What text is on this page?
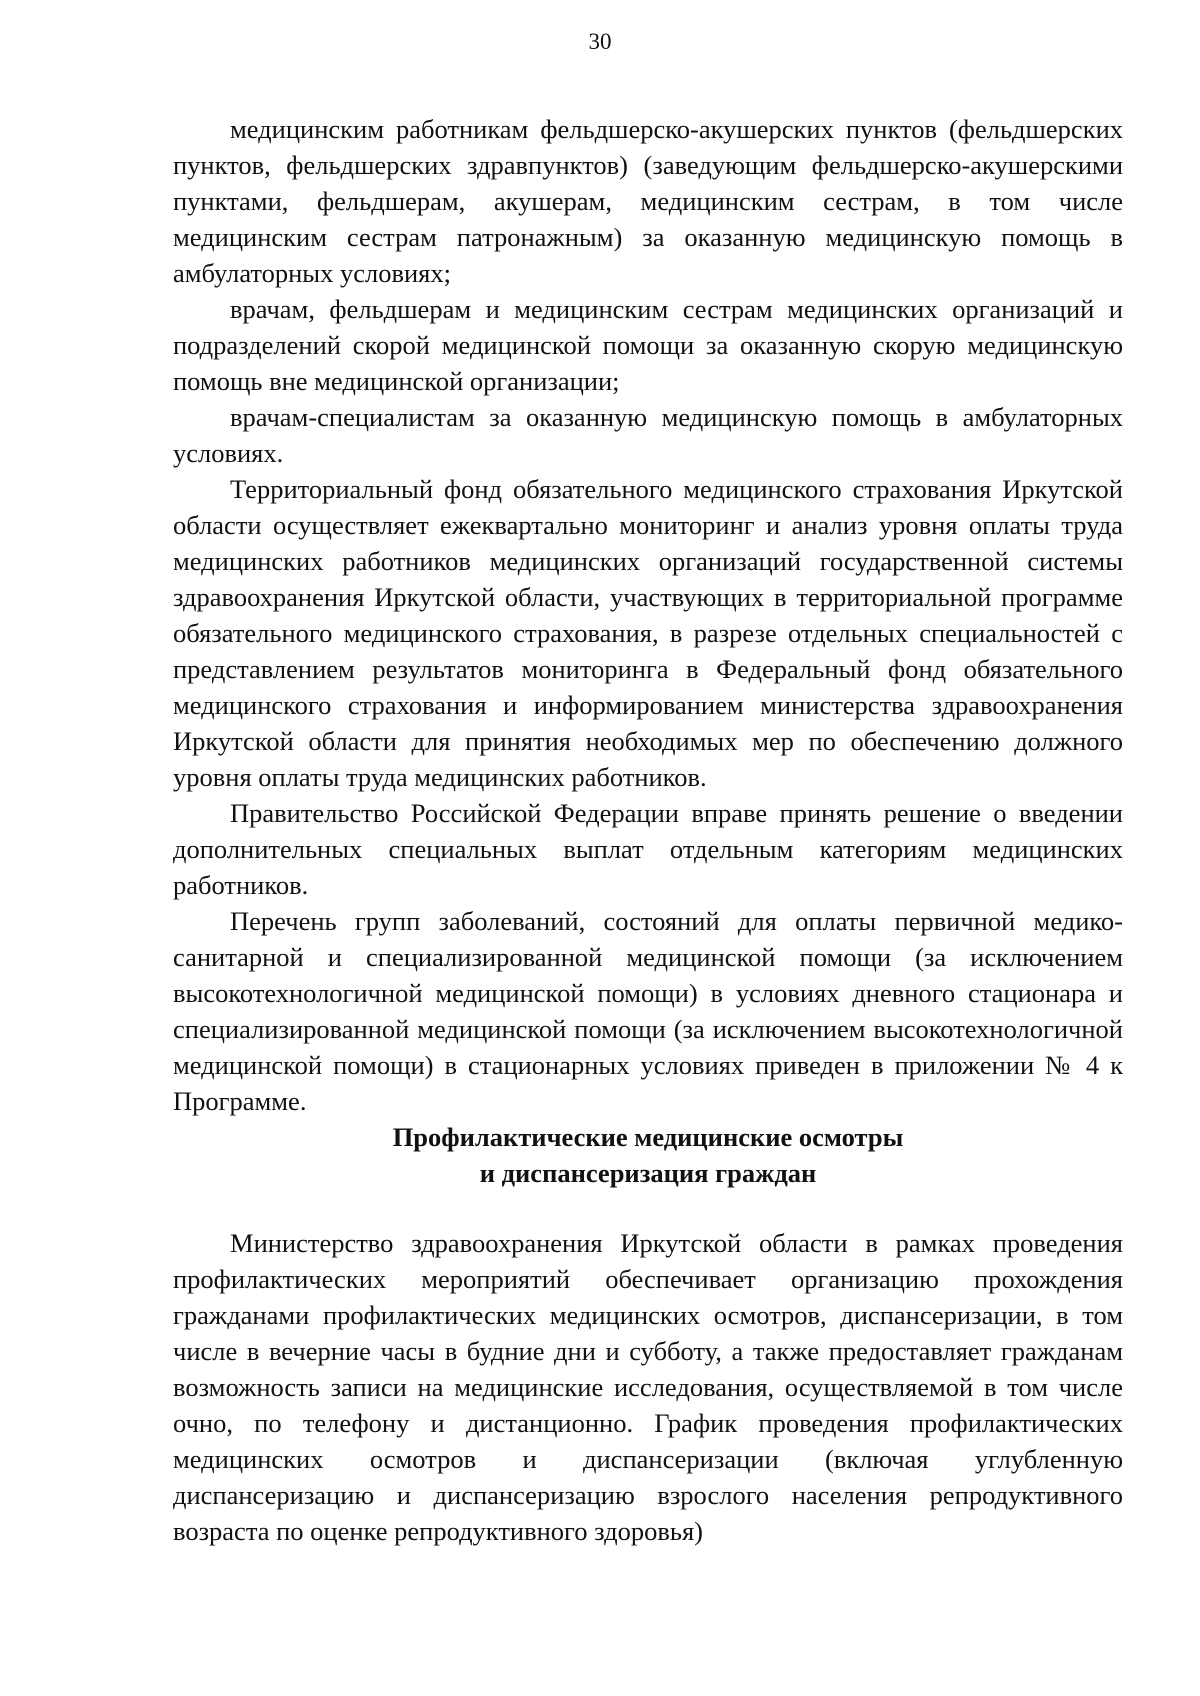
30

медицинским работникам фельдшерско-акушерских пунктов (фельдшерских пунктов, фельдшерских здравпунктов) (заведующим фельдшерско-акушерскими пунктами, фельдшерам, акушерам, медицинским сестрам, в том числе медицинским сестрам патронажным) за оказанную медицинскую помощь в амбулаторных условиях;

врачам, фельдшерам и медицинским сестрам медицинских организаций и подразделений скорой медицинской помощи за оказанную скорую медицинскую помощь вне медицинской организации;

врачам-специалистам за оказанную медицинскую помощь в амбулаторных условиях.

Территориальный фонд обязательного медицинского страхования Иркутской области осуществляет ежеквартально мониторинг и анализ уровня оплаты труда медицинских работников медицинских организаций государственной системы здравоохранения Иркутской области, участвующих в территориальной программе обязательного медицинского страхования, в разрезе отдельных специальностей с представлением результатов мониторинга в Федеральный фонд обязательного медицинского страхования и информированием министерства здравоохранения Иркутской области для принятия необходимых мер по обеспечению должного уровня оплаты труда медицинских работников.

Правительство Российской Федерации вправе принять решение о введении дополнительных специальных выплат отдельным категориям медицинских работников.

Перечень групп заболеваний, состояний для оплаты первичной медико-санитарной и специализированной медицинской помощи (за исключением высокотехнологичной медицинской помощи) в условиях дневного стационара и специализированной медицинской помощи (за исключением высокотехнологичной медицинской помощи) в стационарных условиях приведен в приложении № 4 к Программе.

Профилактические медицинские осмотры

и диспансеризация граждан

Министерство здравоохранения Иркутской области в рамках проведения профилактических мероприятий обеспечивает организацию прохождения гражданами профилактических медицинских осмотров, диспансеризации, в том числе в вечерние часы в будние дни и субботу, а также предоставляет гражданам возможность записи на медицинские исследования, осуществляемой в том числе очно, по телефону и дистанционно. График проведения профилактических медицинских осмотров и диспансеризации (включая углубленную диспансеризацию и диспансеризацию взрослого населения репродуктивного возраста по оценке репродуктивного здоровья)
